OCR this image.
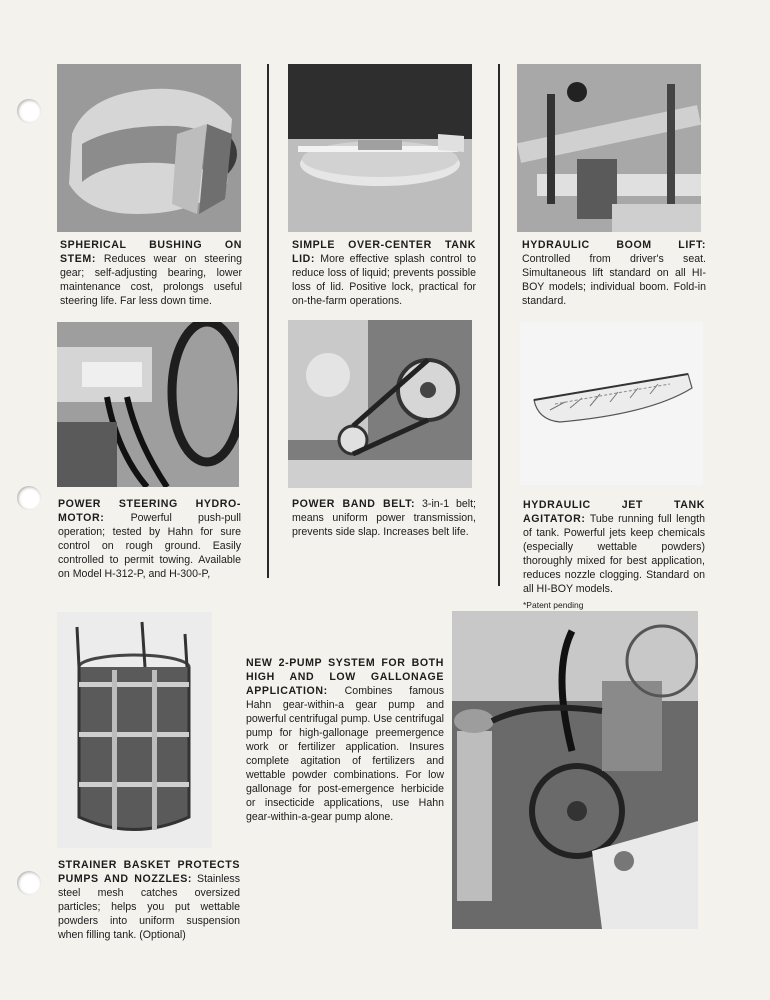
SPHERICAL BUSHING ON STEM: Reduces wear on steering gear; self-adjusting bearing, lower maintenance cost, prolongs useful steering life. Far less down time.
SIMPLE OVER-CENTER TANK LID: More effective splash control to reduce loss of liquid; prevents possible loss of lid. Positive lock, practical for on-the-farm operations.
HYDRAULIC BOOM LIFT: Controlled from driver's seat. Simultaneous lift standard on all HI-BOY models; individual boom. Fold-in standard.
POWER STEERING HYDRO-MOTOR: Powerful push-pull operation; tested by Hahn for sure control on rough ground. Easily controlled to permit towing. Available on Model H-312-P, and H-300-P,
POWER BAND BELT: 3-in-1 belt; means uniform power transmission, prevents side slap. Increases belt life.
HYDRAULIC JET TANK AGITATOR: Tube running full length of tank. Powerful jets keep chemicals (especially wettable powders) thoroughly mixed for best application, reduces nozzle clogging. Standard on all HI-BOY models.
*Patent pending
NEW 2-PUMP SYSTEM FOR BOTH HIGH AND LOW GALLONAGE APPLICATION: Combines famous Hahn gear-within-a gear pump and powerful centrifugal pump. Use centrifugal pump for high-gallonage preemergence work or fertilizer application. Insures complete agitation of fertilizers and wettable powder combinations. For low gallonage for post-emergence herbicide or insecticide applications, use Hahn gear-within-a-gear pump alone.
STRAINER BASKET PROTECTS PUMPS AND NOZZLES: Stainless steel mesh catches oversized particles; helps you put wettable powders into uniform suspension when filling tank. (Optional)
